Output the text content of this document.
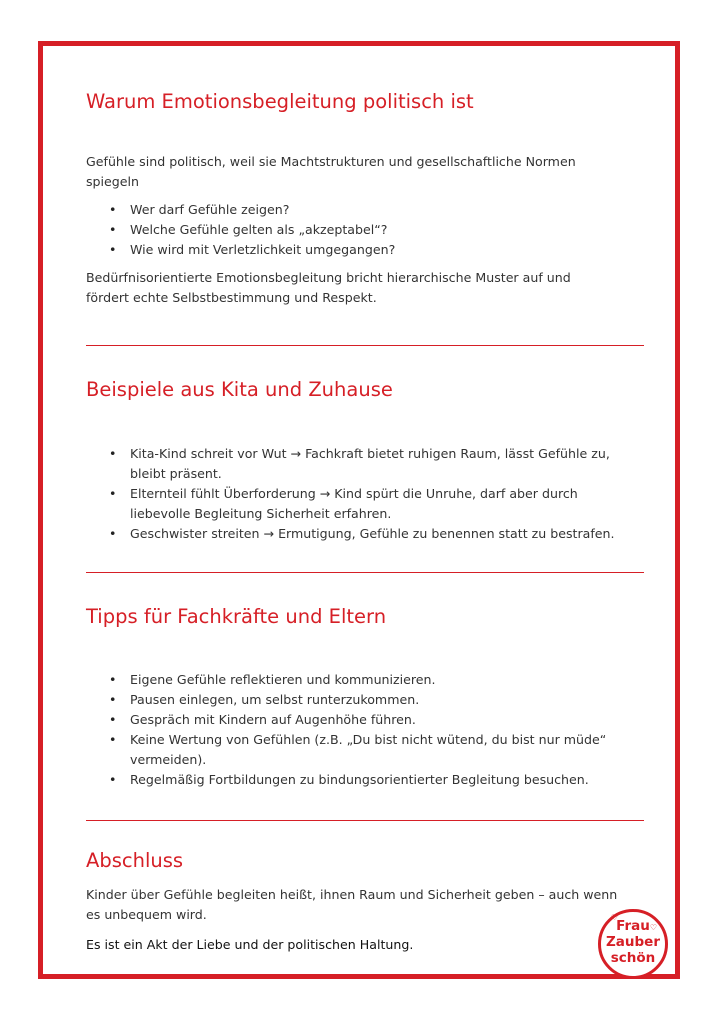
Warum Emotionsbegleitung politisch ist

Gefühle sind politisch, weil sie Machtstrukturen und gesellschaftliche Normen

spiegeln

• Wer darf Gefühle zeigen?
• Welche Gefühle gelten als „akzeptabel“?
• Wie wird mit Verletzlichkeit umgegangen?

Bedürfnisorientierte Emotionsbegleitung bricht hierarchische Muster auf und

fördert echte Selbstbestimmung und Respekt.

Beispiele aus Kita und Zuhause
• Kita-Kind schreit vor Wut → Fachkraft bietet ruhigen Raum, lässt Gefühle zu,
bleibt präsent.
• Elternteil fühlt Überforderung → Kind spürt die Unruhe, darf aber durch
liebevolle Begleitung Sicherheit erfahren.
• Geschwister streiten → Ermutigung, Gefühle zu benennen statt zu bestrafen.
Tipps für Fachkräfte und Eltern
• Eigene Gefühle reflektieren und kommunizieren.
• Pausen einlegen, um selbst runterzukommen.
• Gespräch mit Kindern auf Augenhöhe führen.
• Keine Wertung von Gefühlen (z.B. „Du bist nicht wütend, du bist nur müde“
vermeiden).
• Regelmäßig Fortbildungen zu bindungsorientierter Begleitung besuchen.
Abschluss

Kinder über Gefühle begleiten heißt, ihnen Raum und Sicherheit geben – auch wenn

es unbequem wird.

Es ist ein Akt der Liebe und der politischen Haltung.

♡
♡
Frau
Zauber
schön
